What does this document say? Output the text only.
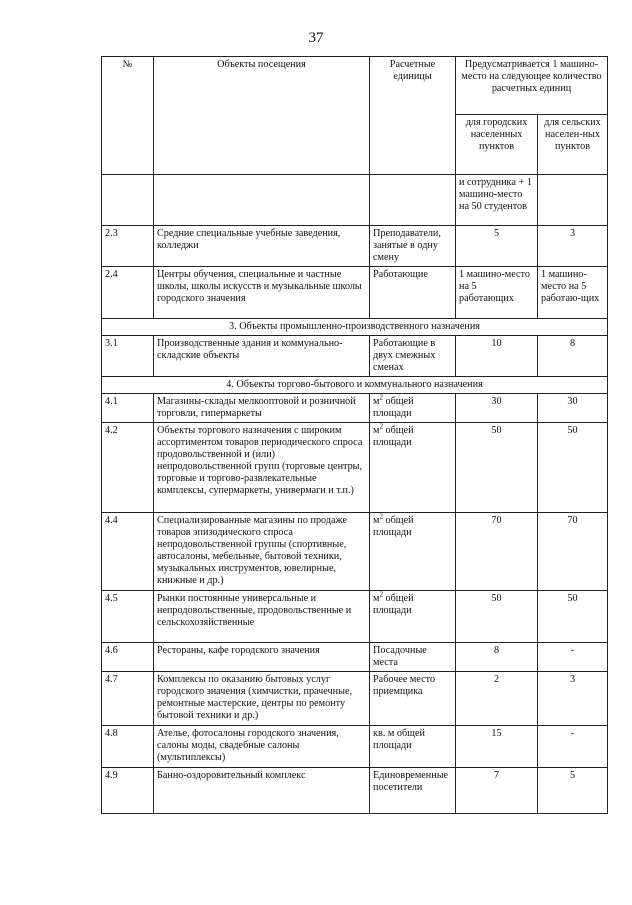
37
№	Объекты посещения	Расчетные единицы	Предусматривается 1 машино-место на следующее количество расчетных единиц	
			для городских населенных пунктов	для сельских населен-ных пунктов
			и сотрудника + 1 машино-место на 50 студентов	
2.3	Средние специальные учебные заведения, колледжи	Преподаватели, занятые в одну смену	5	3
2.4	Центры обучения, специальные и частные школы, школы искусств и музыкальные школы городского значения	Работающие	1 машино-место на 5 работающих	1 машино-место на 5 работаю-щих
3. Объекты промышленно-производственного назначения				
3.1	Производственные здания и коммунально-складские объекты	Работающие в двух смежных сменах	10	8
4. Объекты торгово-бытового и коммунального назначения				
4.1	Магазины-склады мелкооптовой и розничной торговли, гипермаркеты	$м^2$ общей площади	30	30
4.2	Объекты торгового назначения с широким ассортиментом товаров периодического спроса продовольственной и (или) непродовольственной групп (торговые центры, торговые и торгово-развлекательные комплексы, супермаркеты, универмаги и т.п.)	$м^2$ общей площади	50	50
4.4	Специализированные магазины по продаже товаров эпизодического спроса непродовольственной группы (спортивные, автосалоны, мебельные, бытовой техники, музыкальных инструментов, ювелирные, книжные и др.)	$м^2$ общей площади	70	70
4.5	Рынки постоянные универсальные и непродовольственные, продовольственные и сельскохозяйственные	$м^2$ общей площади	50	50
4.6	Рестораны, кафе городского значения	Посадочные места	8	-
4.7	Комплексы по оказанию бытовых услуг городского значения (химчистки, прачечные, ремонтные мастерские, центры по ремонту бытовой техники и др.)	Рабочее место приемщика	2	3
4.8	Ателье, фотосалоны городского значения, салоны моды, свадебные салоны (мультиплексы)	кв. м общей площади	15	-
4.9	Банно-оздоровительный комплекс	Единовременные посетители	7	5
